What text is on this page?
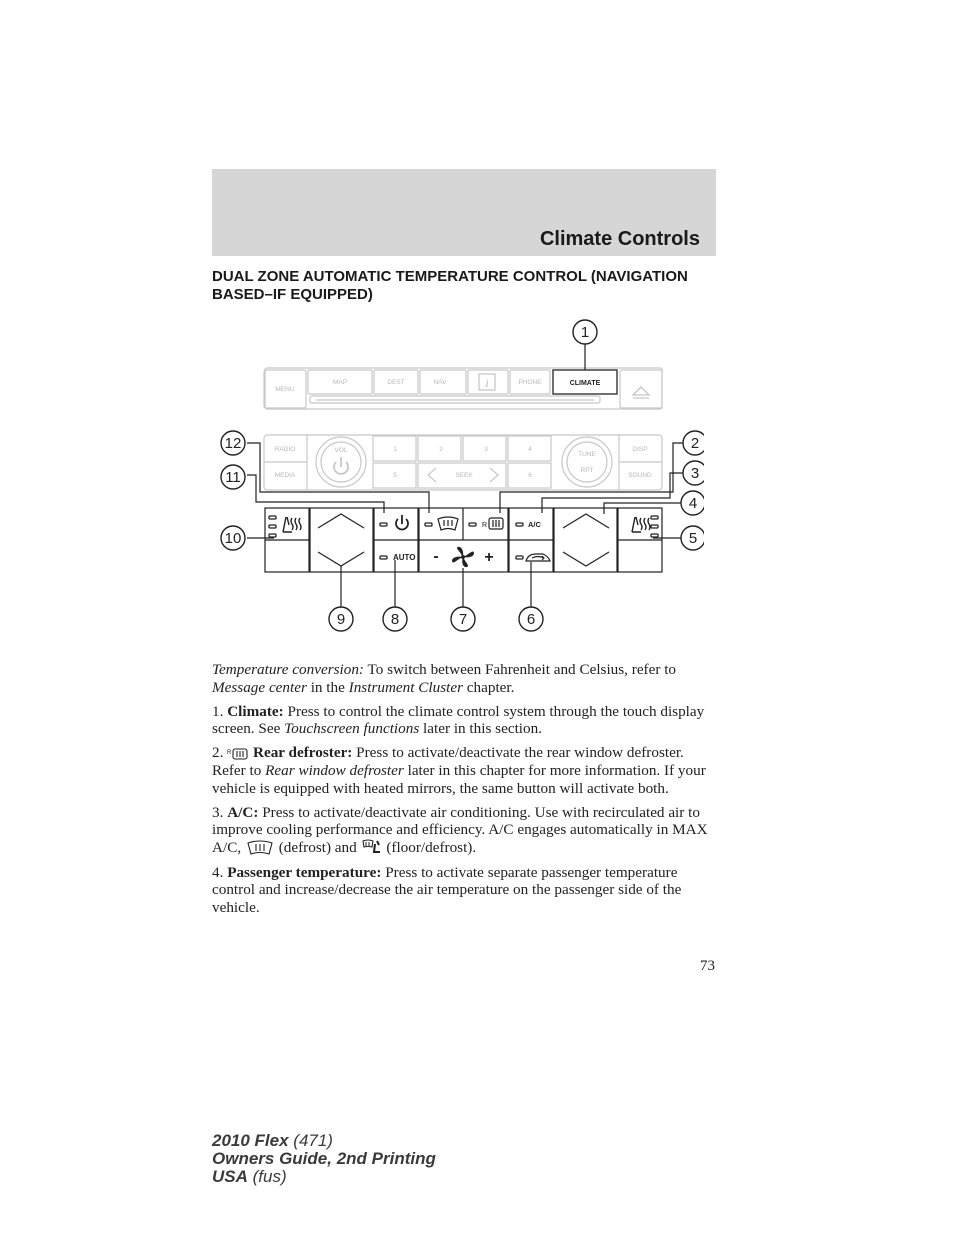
Climate Controls
DUAL ZONE AUTOMATIC TEMPERATURE CONTROL (NAVIGATION BASED–IF EQUIPPED)
MENU
MAP	DEST	NAV	PHONE
i	CLIMATE
RADIO
MEDIA
VOL	1	2	3	4
5	SEEK	6
TUNE
RPT
DISP
SOUND
R	A/C
AUTO -	+
1
2
3
4
5
6
7
8
9
10
11
12

Temperature conversion: To switch between Fahrenheit and Celsius, refer to Message center in the Instrument Cluster chapter.

1. Climate: Press to control the climate control system through the touch display screen. See Touchscreen functions later in this section.

2. R Rear defroster: Press to activate/deactivate the rear window defroster. Refer to Rear window defroster later in this chapter for more information. If your vehicle is equipped with heated mirrors, the same button will activate both.

3. A/C: Press to activate/deactivate air conditioning. Use with recirculated air to improve cooling performance and efficiency. A/C engages automatically in MAX A/C,  (defrost) and  (floor/defrost).

4. Passenger temperature: Press to activate separate passenger temperature control and increase/decrease the air temperature on the passenger side of the vehicle.

73
2010 Flex (471)
Owners Guide, 2nd Printing
USA (fus)
